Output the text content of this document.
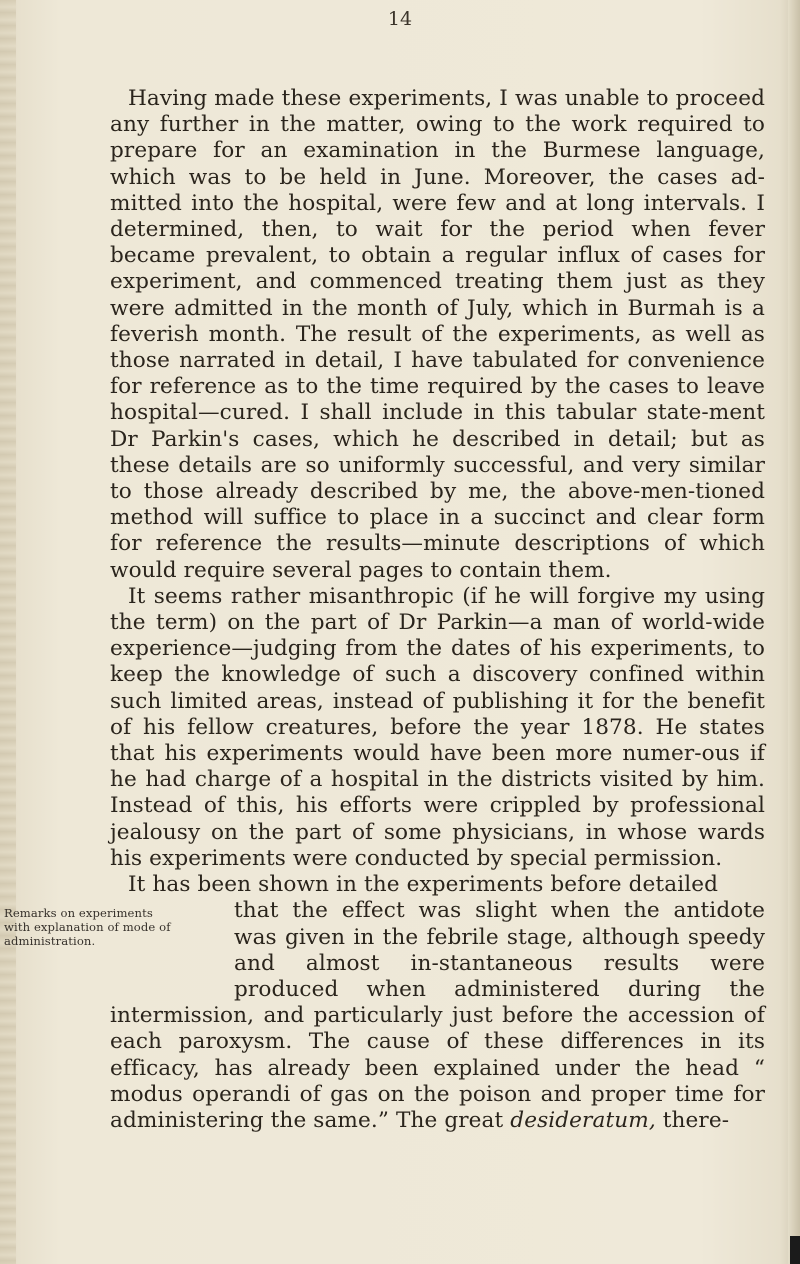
14

Having made these experiments, I was unable to proceed any further in the matter, owing to the work required to prepare for an examination in the Burmese language, which was to be held in June. Moreover, the cases ad-mitted into the hospital, were few and at long intervals. I determined, then, to wait for the period when fever became prevalent, to obtain a regular influx of cases for experiment, and commenced treating them just as they were admitted in the month of July, which in Burmah is a feverish month. The result of the experiments, as well as those narrated in detail, I have tabulated for convenience for reference as to the time required by the cases to leave hospital—cured. I shall include in this tabular state-ment Dr Parkin's cases, which he described in detail; but as these details are so uniformly successful, and very similar to those already described by me, the above-men-tioned method will suffice to place in a succinct and clear form for reference the results—minute descriptions of which would require several pages to contain them.

It seems rather misanthropic (if he will forgive my using the term) on the part of Dr Parkin—a man of world-wide experience—judging from the dates of his experiments, to keep the knowledge of such a discovery confined within such limited areas, instead of publishing it for the benefit of his fellow creatures, before the year 1878. He states that his experiments would have been more numer-ous if he had charge of a hospital in the districts visited by him. Instead of this, his efforts were crippled by professional jealousy on the part of some physicians, in whose wards his experiments were conducted by special permission.

It has been shown in the experiments before detailed

Remarks on experiments
with explanation of mode of
administration.
that the effect was slight when the antidote was given in the febrile stage, although speedy and almost in-stantaneous results were produced when administered during the intermission, and particularly just before the accession of each paroxysm. The cause of these differences in its efficacy, has already been explained under the head “ modus operandi of gas on the poison and proper time for administering the same.” The great desideratum, there-
